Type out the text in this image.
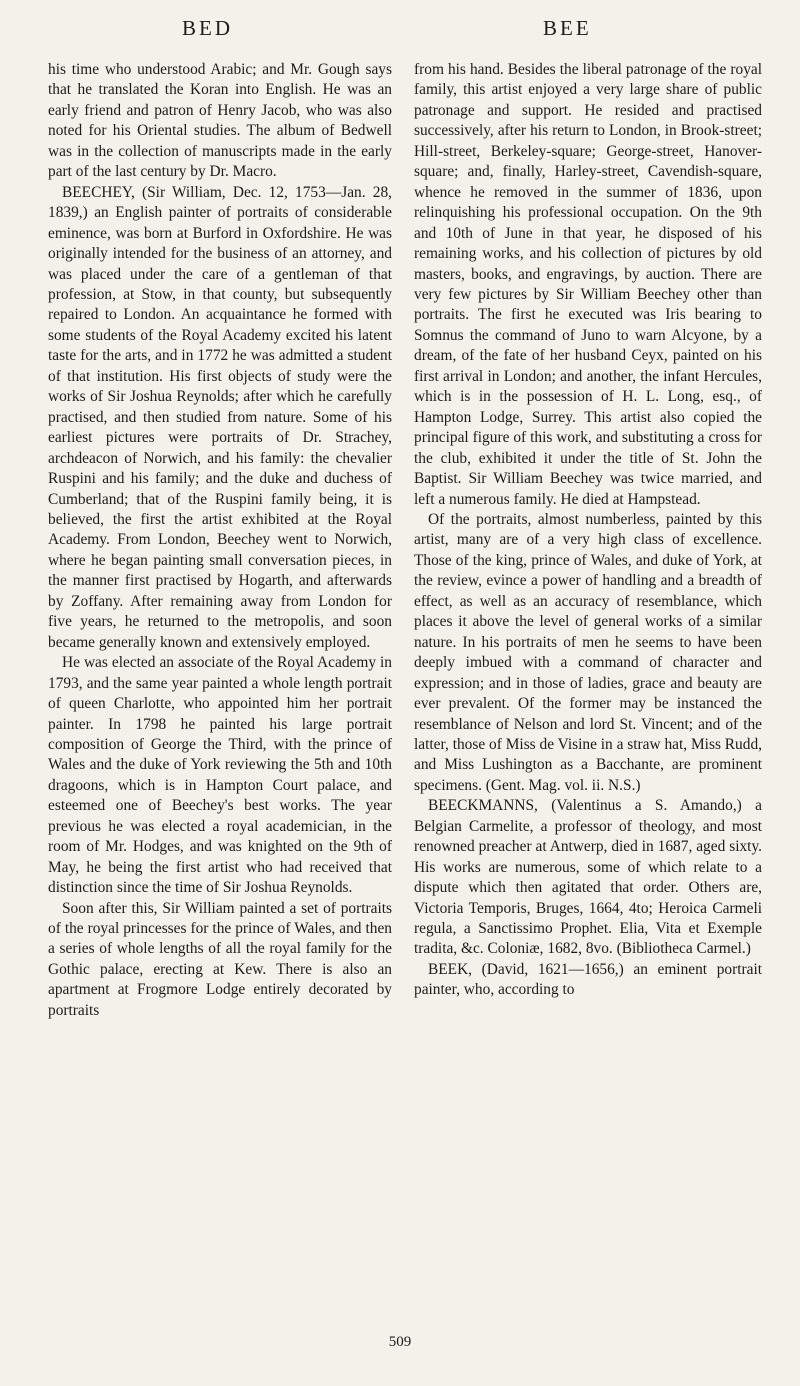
BED	BEE

his time who understood Arabic; and Mr. Gough says that he translated the Koran into English. He was an early friend and patron of Henry Jacob, who was also noted for his Oriental studies. The album of Bedwell was in the collection of manuscripts made in the early part of the last century by Dr. Macro.

BEECHEY, (Sir William, Dec. 12, 1753—Jan. 28, 1839,) an English painter of portraits of considerable eminence, was born at Burford in Oxfordshire. He was originally intended for the business of an attorney, and was placed under the care of a gentleman of that profession, at Stow, in that county, but subsequently repaired to London. An acquaintance he formed with some students of the Royal Academy excited his latent taste for the arts, and in 1772 he was admitted a student of that institution. His first objects of study were the works of Sir Joshua Reynolds; after which he carefully practised, and then studied from nature. Some of his earliest pictures were portraits of Dr. Strachey, archdeacon of Norwich, and his family: the chevalier Ruspini and his family; and the duke and duchess of Cumberland; that of the Ruspini family being, it is believed, the first the artist exhibited at the Royal Academy. From London, Beechey went to Norwich, where he began painting small conversation pieces, in the manner first practised by Hogarth, and afterwards by Zoffany. After remaining away from London for five years, he returned to the metropolis, and soon became generally known and extensively employed.

He was elected an associate of the Royal Academy in 1793, and the same year painted a whole length portrait of queen Charlotte, who appointed him her portrait painter. In 1798 he painted his large portrait composition of George the Third, with the prince of Wales and the duke of York reviewing the 5th and 10th dragoons, which is in Hampton Court palace, and esteemed one of Beechey's best works. The year previous he was elected a royal academician, in the room of Mr. Hodges, and was knighted on the 9th of May, he being the first artist who had received that distinction since the time of Sir Joshua Reynolds.

Soon after this, Sir William painted a set of portraits of the royal princesses for the prince of Wales, and then a series of whole lengths of all the royal family for the Gothic palace, erecting at Kew. There is also an apartment at Frogmore Lodge entirely decorated by portraits

from his hand. Besides the liberal patronage of the royal family, this artist enjoyed a very large share of public patronage and support. He resided and practised successively, after his return to London, in Brook-street; Hill-street, Berkeley-square; George-street, Hanover-square; and, finally, Harley-street, Cavendish-square, whence he removed in the summer of 1836, upon relinquishing his professional occupation. On the 9th and 10th of June in that year, he disposed of his remaining works, and his collection of pictures by old masters, books, and engravings, by auction. There are very few pictures by Sir William Beechey other than portraits. The first he executed was Iris bearing to Somnus the command of Juno to warn Alcyone, by a dream, of the fate of her husband Ceyx, painted on his first arrival in London; and another, the infant Hercules, which is in the possession of H. L. Long, esq., of Hampton Lodge, Surrey. This artist also copied the principal figure of this work, and substituting a cross for the club, exhibited it under the title of St. John the Baptist. Sir William Beechey was twice married, and left a numerous family. He died at Hampstead.

Of the portraits, almost numberless, painted by this artist, many are of a very high class of excellence. Those of the king, prince of Wales, and duke of York, at the review, evince a power of handling and a breadth of effect, as well as an accuracy of resemblance, which places it above the level of general works of a similar nature. In his portraits of men he seems to have been deeply imbued with a command of character and expression; and in those of ladies, grace and beauty are ever prevalent. Of the former may be instanced the resemblance of Nelson and lord St. Vincent; and of the latter, those of Miss de Visine in a straw hat, Miss Rudd, and Miss Lushington as a Bacchante, are prominent specimens. (Gent. Mag. vol. ii. N.S.)

BEECKMANNS, (Valentinus a S. Amando,) a Belgian Carmelite, a professor of theology, and most renowned preacher at Antwerp, died in 1687, aged sixty. His works are numerous, some of which relate to a dispute which then agitated that order. Others are, Victoria Temporis, Bruges, 1664, 4to; Heroica Carmeli regula, a Sanctissimo Prophet. Elia, Vita et Exemple tradita, &c. Coloniæ, 1682, 8vo. (Bibliotheca Carmel.)

BEEK, (David, 1621—1656,) an eminent portrait painter, who, according to

509
